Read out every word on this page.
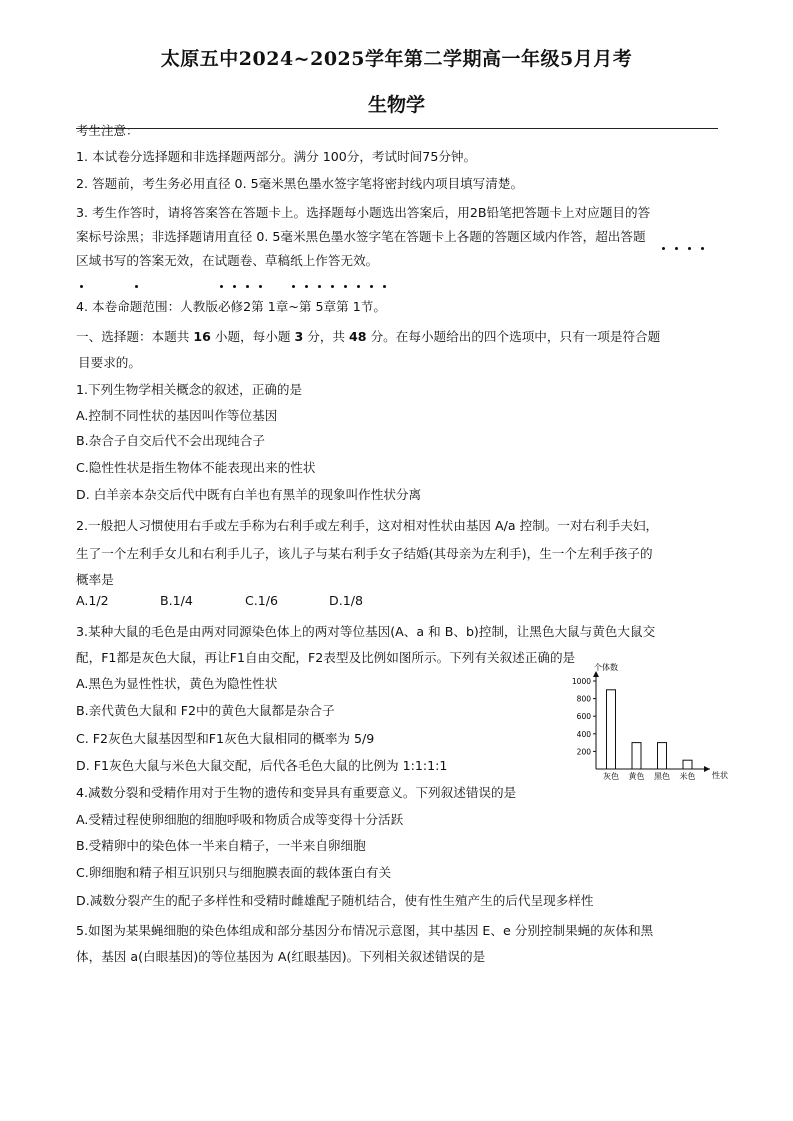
太原五中2024~2025学年第二学期高一年级5月月考
生物学
考生注意：
1. 本试卷分选择题和非选择题两部分。满分 100分，考试时间75分钟。
2. 答题前，考生务必用直径 0. 5毫米黑色墨水签字笔将密封线内项目填写清楚。
3. 考生作答时，请将答案答在答题卡上。选择题每小题选出答案后，用2B铅笔把答题卡上对应题目的答
案标号涂黑；非选择题请用直径 0. 5毫米黑色墨水签字笔在答题卡上各题的答题区域内作答，超出答题
区域书写的答案无效，在试题卷、草稿纸上作答无效。
4. 本卷命题范围：人教版必修2第 1章~第 5章第 1节。
一、选择题：本题共 16 小题，每小题 3 分，共 48 分。在每小题给出的四个选项中，只有一项是符合题
目要求的。
1.下列生物学相关概念的叙述，正确的是
A.控制不同性状的基因叫作等位基因
B.杂合子自交后代不会出现纯合子
C.隐性性状是指生物体不能表现出来的性状
D. 白羊亲本杂交后代中既有白羊也有黑羊的现象叫作性状分离
2.一般把人习惯使用右手或左手称为右利手或左利手，这对相对性状由基因 A/a 控制。一对右利手夫妇，
生了一个左利手女儿和右利手儿子，该儿子与某右利手女子结婚(其母亲为左利手)，生一个左利手孩子的
概率是
A.1/2	B.1/4	C.1/6	D.1/8
3.某种大鼠的毛色是由两对同源染色体上的两对等位基因(A、a 和 B、b)控制，让黑色大鼠与黄色大鼠交
配，F1都是灰色大鼠，再让F1自由交配，F2表型及比例如图所示。下列有关叙述正确的是
A.黑色为显性性状，黄色为隐性性状
B.亲代黄色大鼠和 F2中的黄色大鼠都是杂合子
C. F2灰色大鼠基因型和F1灰色大鼠相同的概率为 5/9
D. F1灰色大鼠与米色大鼠交配，后代各毛色大鼠的比例为 1:1:1:1
个体数
性状
200
400
600
800
1000
灰色 黄色 黑色 米色
4.减数分裂和受精作用对于生物的遗传和变异具有重要意义。下列叙述错误的是
A.受精过程使卵细胞的细胞呼吸和物质合成等变得十分活跃
B.受精卵中的染色体一半来自精子，一半来自卵细胞
C.卵细胞和精子相互识别只与细胞膜表面的载体蛋白有关
D.减数分裂产生的配子多样性和受精时雌雄配子随机结合，使有性生殖产生的后代呈现多样性
5.如图为某果蝇细胞的染色体组成和部分基因分布情况示意图，其中基因 E、e 分别控制果蝇的灰体和黑
体，基因 a(白眼基因)的等位基因为 A(红眼基因)。下列相关叙述错误的是
